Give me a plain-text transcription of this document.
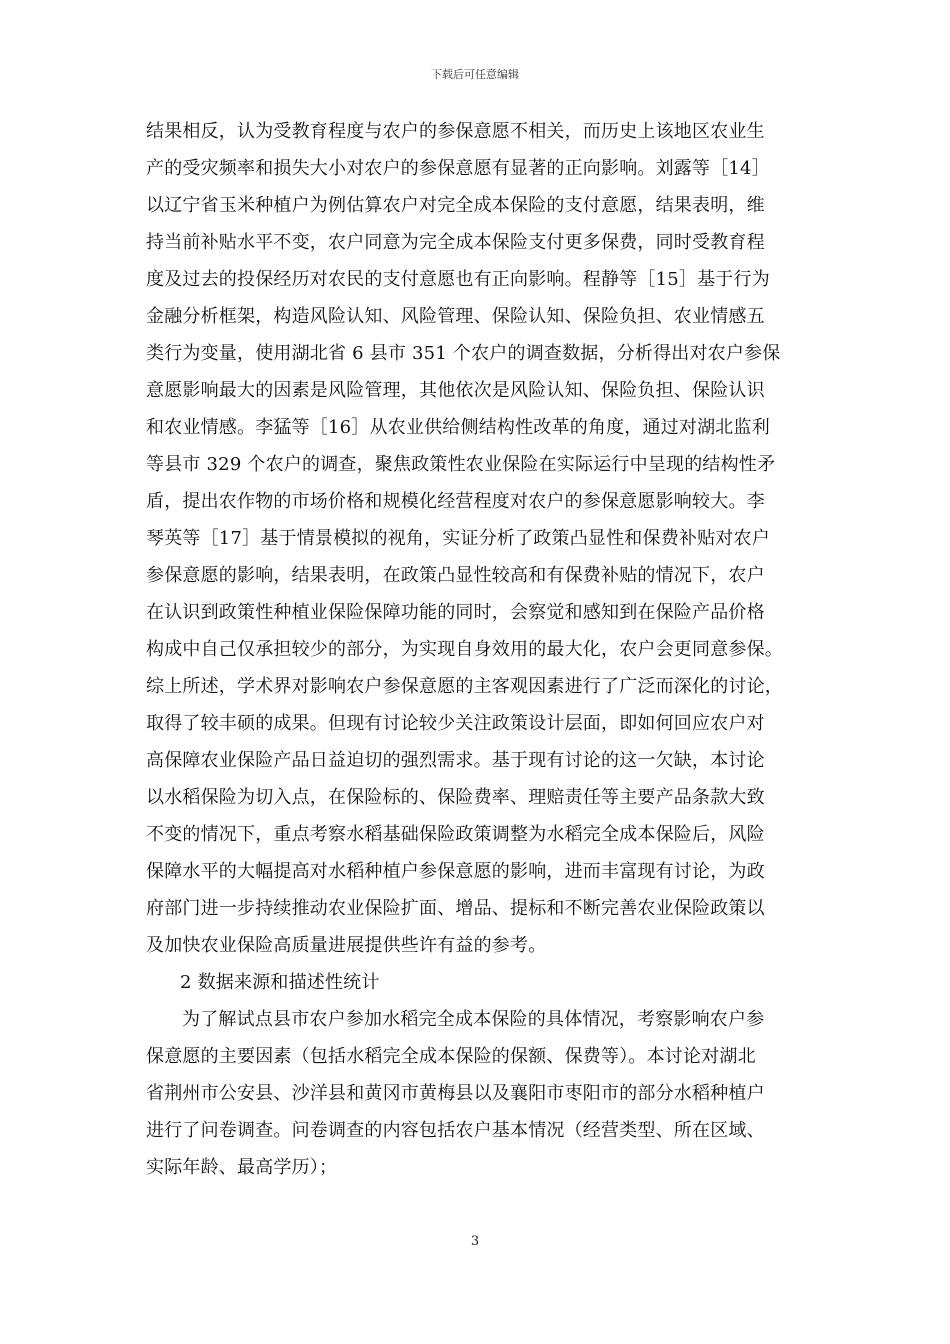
下载后可任意编辑
结果相反，认为受教育程度与农户的参保意愿不相关，而历史上该地区农业生
产的受灾频率和损失大小对农户的参保意愿有显著的正向影响。刘露等［14］
以辽宁省玉米种植户为例估算农户对完全成本保险的支付意愿，结果表明，维
持当前补贴水平不变，农户同意为完全成本保险支付更多保费，同时受教育程
度及过去的投保经历对农民的支付意愿也有正向影响。程静等［15］基于行为
金融分析框架，构造风险认知、风险管理、保险认知、保险负担、农业情感五
类行为变量，使用湖北省 6 县市 351 个农户的调查数据，分析得出对农户参保
意愿影响最大的因素是风险管理，其他依次是风险认知、保险负担、保险认识
和农业情感。李猛等［16］从农业供给侧结构性改革的角度，通过对湖北监利
等县市 329 个农户的调查，聚焦政策性农业保险在实际运行中呈现的结构性矛
盾，提出农作物的市场价格和规模化经营程度对农户的参保意愿影响较大。李
琴英等［17］基于情景模拟的视角，实证分析了政策凸显性和保费补贴对农户
参保意愿的影响，结果表明，在政策凸显性较高和有保费补贴的情况下，农户
在认识到政策性种植业保险保障功能的同时，会察觉和感知到在保险产品价格
构成中自己仅承担较少的部分，为实现自身效用的最大化，农户会更同意参保。
综上所述，学术界对影响农户参保意愿的主客观因素进行了广泛而深化的讨论，
取得了较丰硕的成果。但现有讨论较少关注政策设计层面，即如何回应农户对
高保障农业保险产品日益迫切的强烈需求。基于现有讨论的这一欠缺，本讨论
以水稻保险为切入点，在保险标的、保险费率、理赔责任等主要产品条款大致
不变的情况下，重点考察水稻基础保险政策调整为水稻完全成本保险后，风险
保障水平的大幅提高对水稻种植户参保意愿的影响，进而丰富现有讨论，为政
府部门进一步持续推动农业保险扩面、增品、提标和不断完善农业保险政策以
及加快农业保险高质量进展提供些许有益的参考。
2 数据来源和描述性统计
为了解试点县市农户参加水稻完全成本保险的具体情况，考察影响农户参
保意愿的主要因素（包括水稻完全成本保险的保额、保费等）。本讨论对湖北
省荆州市公安县、沙洋县和黄冈市黄梅县以及襄阳市枣阳市的部分水稻种植户
进行了问卷调查。问卷调查的内容包括农户基本情况（经营类型、所在区域、
实际年龄、最高学历）；
3
